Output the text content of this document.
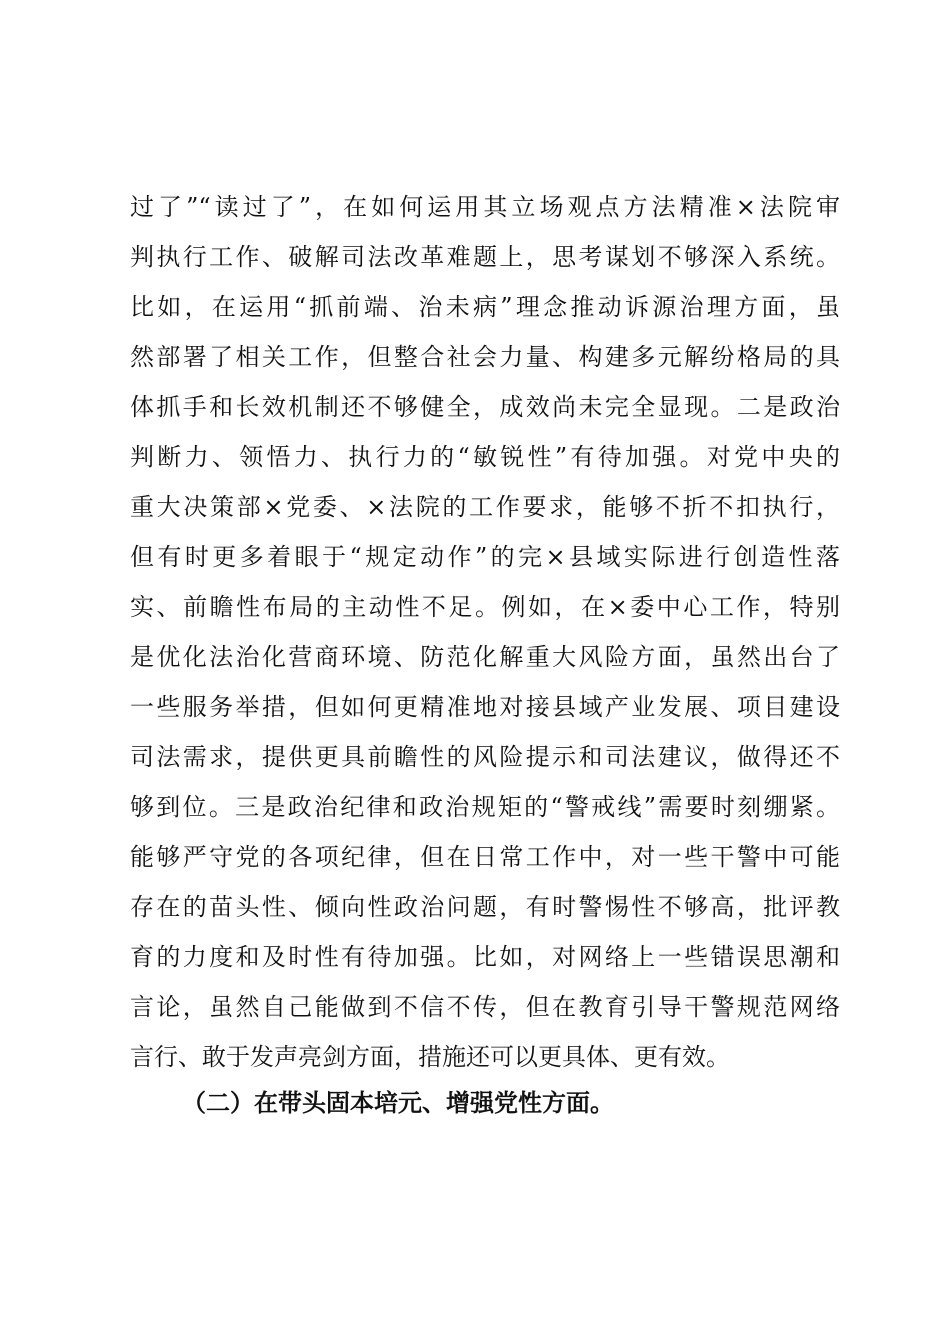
过了”“读过了”，在如何运用其立场观点方法精准×法院审
判执行工作、破解司法改革难题上，思考谋划不够深入系统。
比如，在运用“抓前端、治未病”理念推动诉源治理方面，虽
然部署了相关工作，但整合社会力量、构建多元解纷格局的具
体抓手和长效机制还不够健全，成效尚未完全显现。二是政治
判断力、领悟力、执行力的“敏锐性”有待加强。对党中央的
重大决策部×党委、×法院的工作要求，能够不折不扣执行，
但有时更多着眼于“规定动作”的完×县域实际进行创造性落
实、前瞻性布局的主动性不足。例如，在×委中心工作，特别
是优化法治化营商环境、防范化解重大风险方面，虽然出台了
一些服务举措，但如何更精准地对接县域产业发展、项目建设
司法需求，提供更具前瞻性的风险提示和司法建议，做得还不
够到位。三是政治纪律和政治规矩的“警戒线”需要时刻绷紧。
能够严守党的各项纪律，但在日常工作中，对一些干警中可能
存在的苗头性、倾向性政治问题，有时警惕性不够高，批评教
育的力度和及时性有待加强。比如，对网络上一些错误思潮和
言论，虽然自己能做到不信不传，但在教育引导干警规范网络
言行、敢于发声亮剑方面，措施还可以更具体、更有效。
（二）在带头固本培元、增强党性方面。
